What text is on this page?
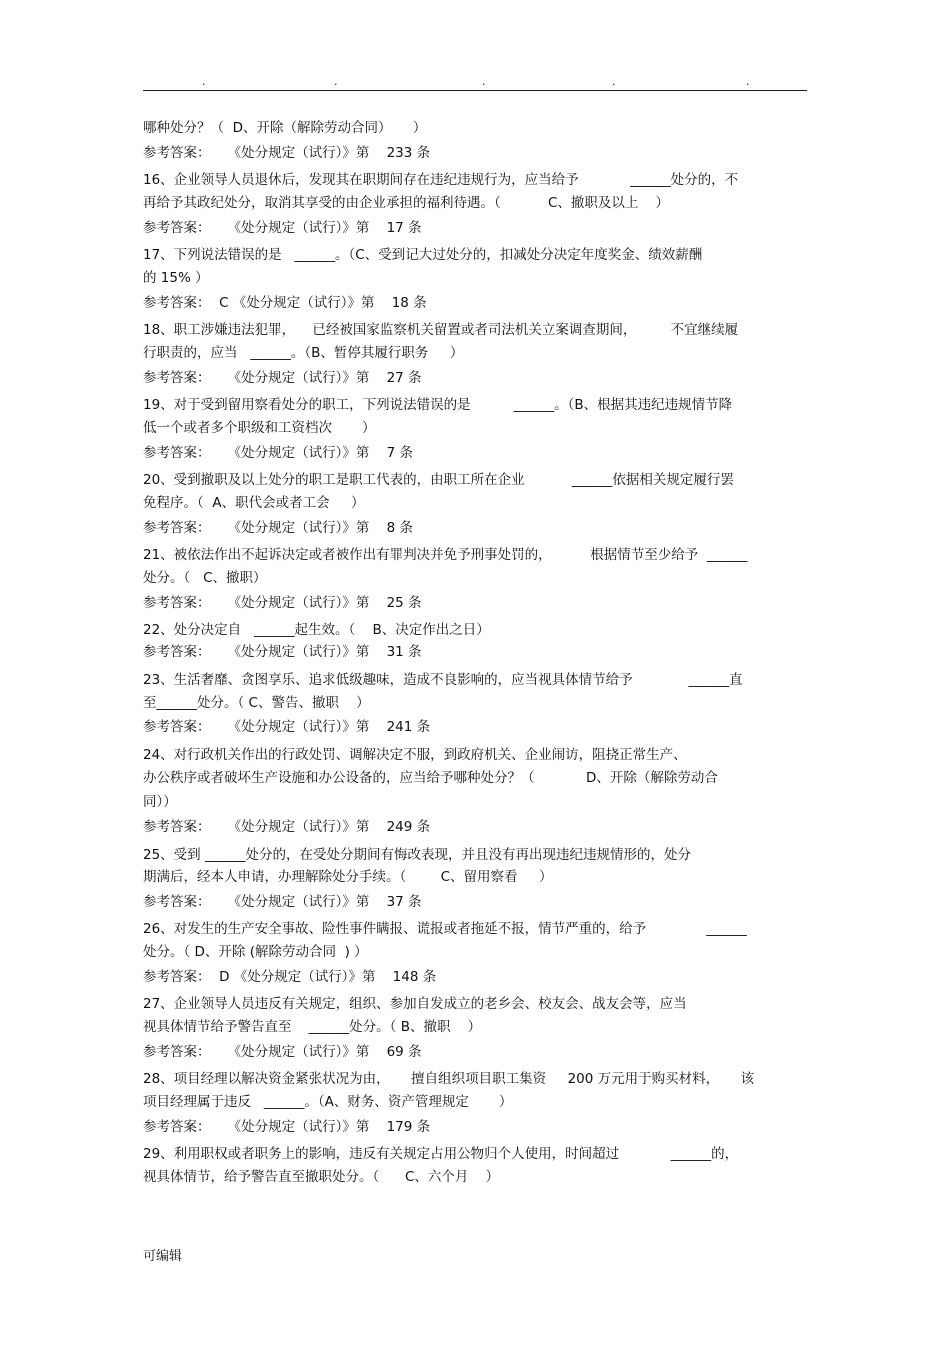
.	.	.	.	.
哪种处分？（  D、开除（解除劳动合同）     ）
参考答案：    《处分规定（试行）》第    233 条
16、企业领导人员退休后，发现其在职期间存在违纪违规行为，应当给予            ______处分的，不
再给予其政纪处分，取消其享受的由企业承担的福利待遇。（           C、撤职及以上    ）
参考答案：    《处分规定（试行）》第    17 条
17、下列说法错误的是   ______。（C、受到记大过处分的，扣减处分决定年度奖金、绩效薪酬
的 15% ）
参考答案：  C 《处分规定（试行）》第    18 条
18、职工涉嫌违法犯罪，    已经被国家监察机关留置或者司法机关立案调查期间，        不宜继续履
行职责的，应当   ______。（B、暂停其履行职务     ）
参考答案：    《处分规定（试行）》第    27 条
19、对于受到留用察看处分的职工，下列说法错误的是          ______。（B、根据其违纪违规情节降
低一个或者多个职级和工资档次       ）
参考答案：    《处分规定（试行）》第    7 条
20、受到撤职及以上处分的职工是职工代表的，由职工所在企业           ______依据相关规定履行罢
免程序。（  A、职代会或者工会     ）
参考答案：    《处分规定（试行）》第    8 条
21、被依法作出不起诉决定或者被作出有罪判决并免予刑事处罚的，         根据情节至少给予  ______
处分。（   C、撤职）
参考答案：    《处分规定（试行）》第    25 条
22、处分决定自   ______起生效。（    B、决定作出之日）
参考答案：    《处分规定（试行）》第    31 条
23、生活奢靡、贪图享乐、追求低级趣味，造成不良影响的，应当视具体情节给予             ______直
至______处分。（ C、警告、撤职    ）
参考答案：    《处分规定（试行）》第    241 条
24、对行政机关作出的行政处罚、调解决定不服，到政府机关、企业闹访，阻挠正常生产、
办公秩序或者破坏生产设施和办公设备的，应当给予哪种处分？（            D、开除（解除劳动合
同））
参考答案：    《处分规定（试行）》第    249 条
25、受到 ______处分的，在受处分期间有悔改表现，并且没有再出现违纪违规情形的，处分
期满后，经本人申请，办理解除处分手续。（        C、留用察看     ）
参考答案：    《处分规定（试行）》第    37 条
26、对发生的生产安全事故、险性事件瞒报、谎报或者拖延不报，情节严重的，给予              ______
处分。（ D、开除 (解除劳动合同  ) ）
参考答案：  D 《处分规定（试行）》第    148 条
27、企业领导人员违反有关规定，组织、参加自发成立的老乡会、校友会、战友会等，应当
视具体情节给予警告直至    ______处分。（ B、撤职    ）
参考答案：    《处分规定（试行）》第    69 条
28、项目经理以解决资金紧张状况为由，     擅自组织项目职工集资     200 万元用于购买材料，     该
项目经理属于违反   ______。（A、财务、资产管理规定       ）
参考答案：    《处分规定（试行）》第    179 条
29、利用职权或者职务上的影响，违反有关规定占用公物归个人使用，时间超过            ______的，
视具体情节，给予警告直至撤职处分。（      C、六个月    ）
可编辑
